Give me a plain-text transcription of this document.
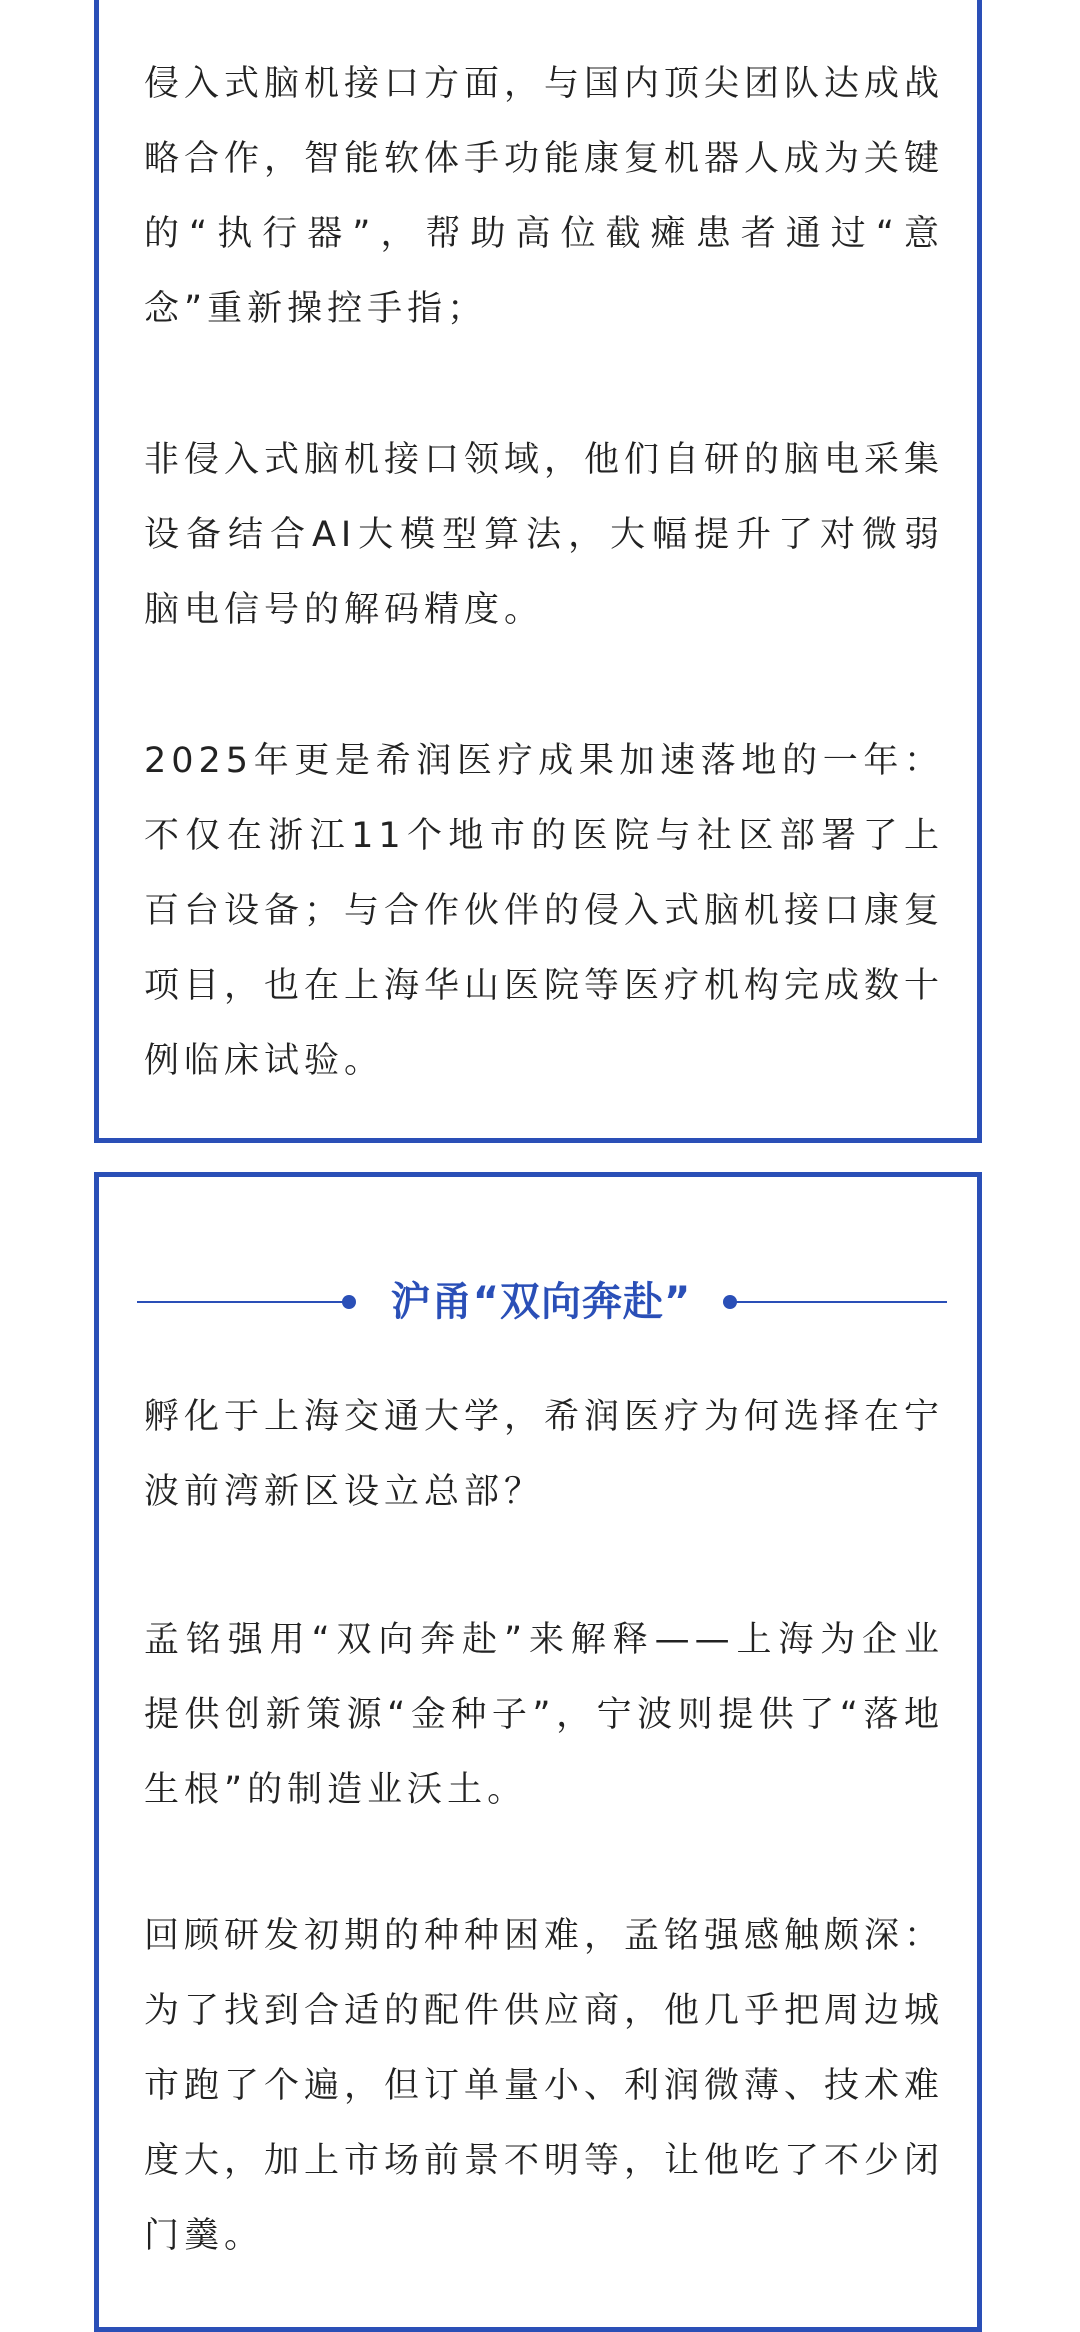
侵入式脑机接口方面，与国内顶尖团队达成战略合作，智能软体手功能康复机器人成为关键的“执行器”，帮助高位截瘫患者通过“意念”重新操控手指；

非侵入式脑机接口领域，他们自研的脑电采集设备结合AI大模型算法，大幅提升了对微弱脑电信号的解码精度。

2025年更是希润医疗成果加速落地的一年：不仅在浙江11个地市的医院与社区部署了上百台设备；与合作伙伴的侵入式脑机接口康复项目，也在上海华山医院等医疗机构完成数十例临床试验。

沪甬“双向奔赴”

孵化于上海交通大学，希润医疗为何选择在宁波前湾新区设立总部？

孟铭强用“双向奔赴”来解释——上海为企业提供创新策源“金种子”，宁波则提供了“落地生根”的制造业沃土。

回顾研发初期的种种困难，孟铭强感触颇深：为了找到合适的配件供应商，他几乎把周边城市跑了个遍，但订单量小、利润微薄、技术难度大，加上市场前景不明等，让他吃了不少闭门羹。
